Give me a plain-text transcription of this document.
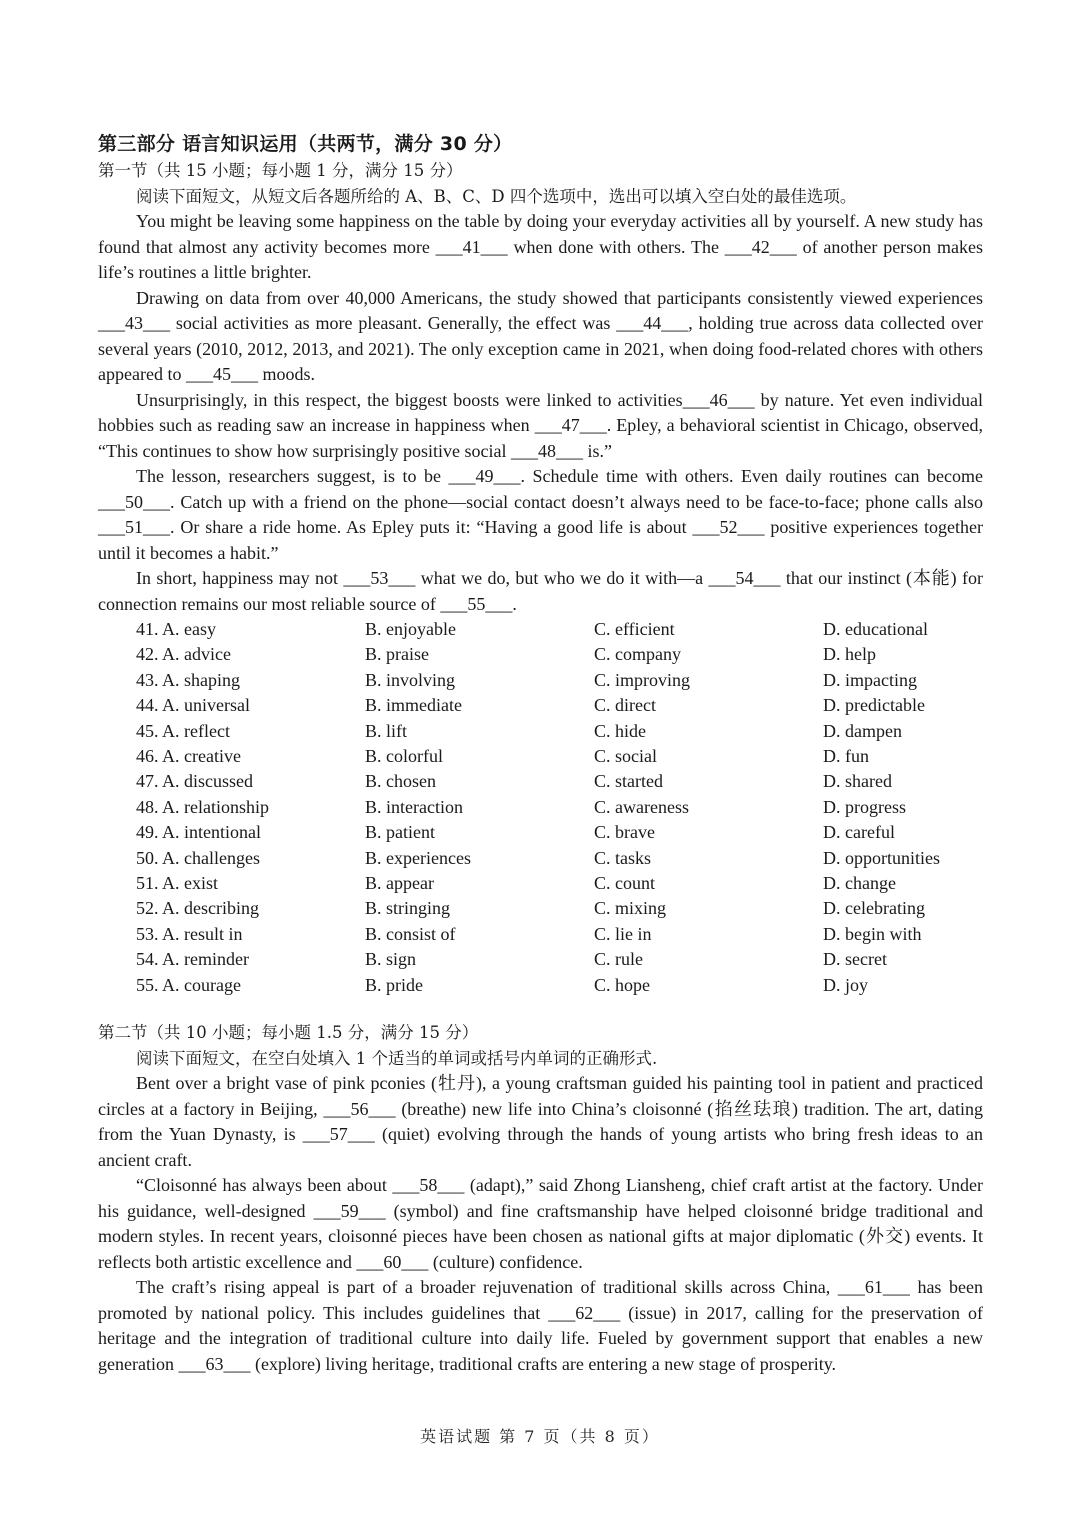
第三部分 语言知识运用（共两节，满分 30 分）
第一节（共 15 小题；每小题 1 分，满分 15 分）
阅读下面短文，从短文后各题所给的 A、B、C、D 四个选项中，选出可以填入空白处的最佳选项。

You might be leaving some happiness on the table by doing your everyday activities all by yourself. A new study has found that almost any activity becomes more ___41___ when done with others. The ___42___ of another person makes life’s routines a little brighter.

Drawing on data from over 40,000 Americans, the study showed that participants consistently viewed experiences ___43___ social activities as more pleasant. Generally, the effect was ___44___, holding true across data collected over several years (2010, 2012, 2013, and 2021). The only exception came in 2021, when doing food-related chores with others appeared to ___45___ moods.

Unsurprisingly, in this respect, the biggest boosts were linked to activities___46___ by nature. Yet even individual hobbies such as reading saw an increase in happiness when ___47___. Epley, a behavioral scientist in Chicago, observed, “This continues to show how surprisingly positive social ___48___ is.”

The lesson, researchers suggest, is to be ___49___. Schedule time with others. Even daily routines can become ___50___. Catch up with a friend on the phone—social contact doesn’t always need to be face-to-face; phone calls also ___51___. Or share a ride home. As Epley puts it: “Having a good life is about ___52___ positive experiences together until it becomes a habit.”

In short, happiness may not ___53___ what we do, but who we do it with—a ___54___ that our instinct (本能) for connection remains our most reliable source of ___55___.

41. A. easy	B. enjoyable	C. efficient	D. educational
42. A. advice	B. praise	C. company	D. help
43. A. shaping	B. involving	C. improving	D. impacting
44. A. universal	B. immediate	C. direct	D. predictable
45. A. reflect	B. lift	C. hide	D. dampen
46. A. creative	B. colorful	C. social	D. fun
47. A. discussed	B. chosen	C. started	D. shared
48. A. relationship	B. interaction	C. awareness	D. progress
49. A. intentional	B. patient	C. brave	D. careful
50. A. challenges	B. experiences	C. tasks	D. opportunities
51. A. exist	B. appear	C. count	D. change
52. A. describing	B. stringing	C. mixing	D. celebrating
53. A. result in	B. consist of	C. lie in	D. begin with
54. A. reminder	B. sign	C. rule	D. secret
55. A. courage	B. pride	C. hope	D. joy
第二节（共 10 小题；每小题 1.5 分，满分 15 分）
阅读下面短文，在空白处填入 1 个适当的单词或括号内单词的正确形式.

Bent over a bright vase of pink pconies (牡丹), a young craftsman guided his painting tool in patient and practiced circles at a factory in Beijing, ___56___ (breathe) new life into China’s cloisonné (掐丝珐琅) tradition. The art, dating from the Yuan Dynasty, is ___57___ (quiet) evolving through the hands of young artists who bring fresh ideas to an ancient craft.

“Cloisonné has always been about ___58___ (adapt),” said Zhong Liansheng, chief craft artist at the factory. Under his guidance, well-designed ___59___ (symbol) and fine craftsmanship have helped cloisonné bridge traditional and modern styles. In recent years, cloisonné pieces have been chosen as national gifts at major diplomatic (外交) events. It reflects both artistic excellence and ___60___ (culture) confidence.

The craft’s rising appeal is part of a broader rejuvenation of traditional skills across China, ___61___ has been promoted by national policy. This includes guidelines that ___62___ (issue) in 2017, calling for the preservation of heritage and the integration of traditional culture into daily life. Fueled by government support that enables a new generation ___63___ (explore) living heritage, traditional crafts are entering a new stage of prosperity.

英语试题 第 7 页（共 8 页）
